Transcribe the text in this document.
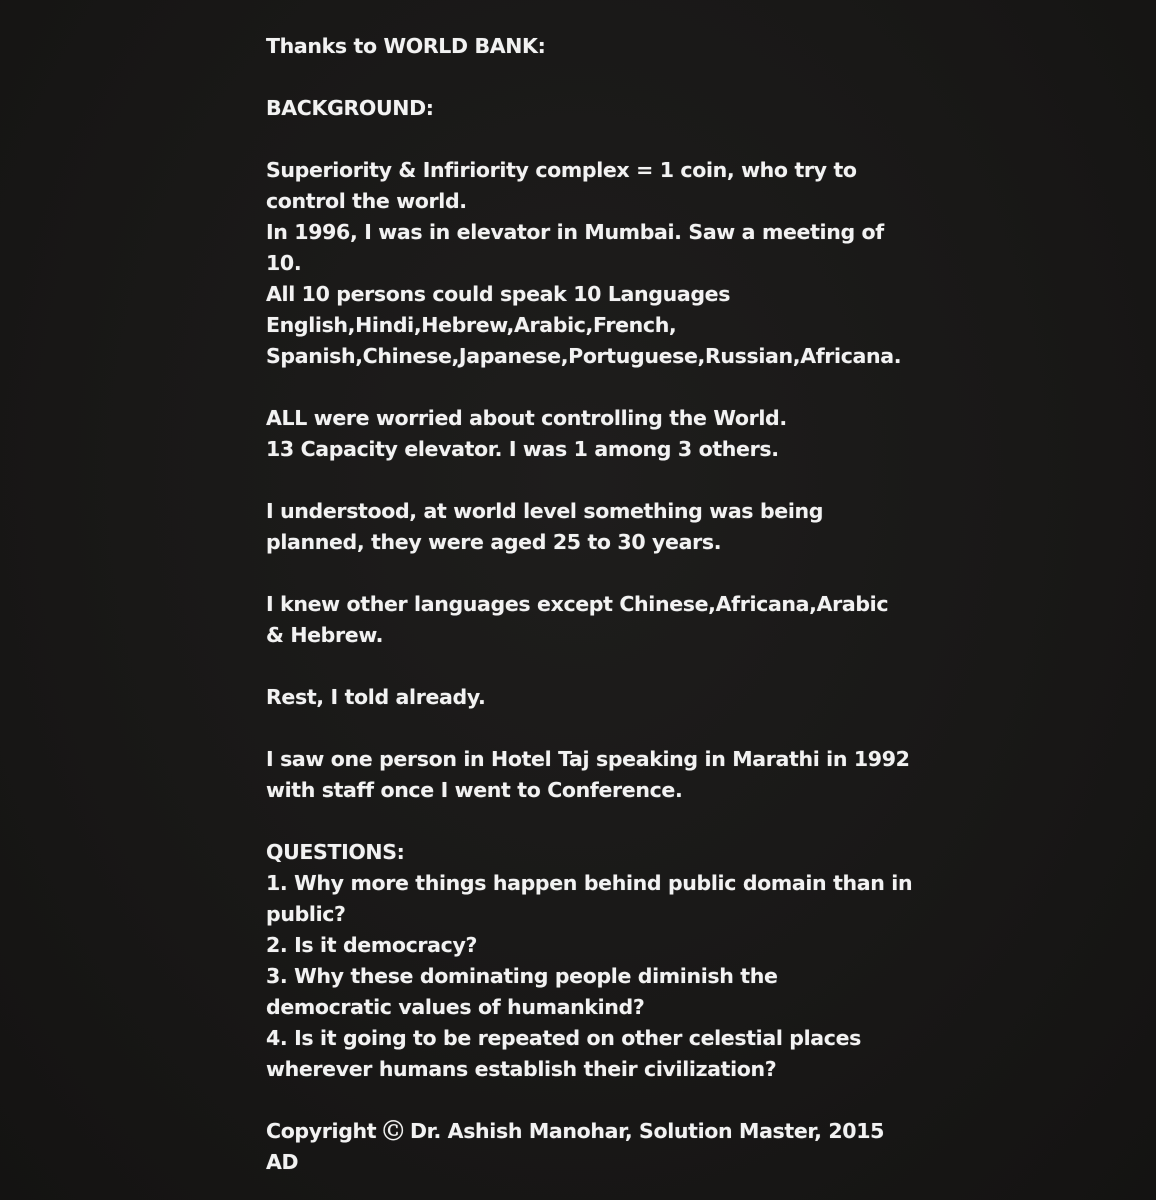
Thanks to WORLD BANK:
BACKGROUND:
Superiority & Infiriority complex = 1 coin, who try to
control the world.
In 1996, I was in elevator in Mumbai. Saw a meeting of
10.
All 10 persons could speak 10 Languages
English,Hindi,Hebrew,Arabic,French,
Spanish,Chinese,Japanese,Portuguese,Russian,Africana.
ALL were worried about controlling the World.
13 Capacity elevator. I was 1 among 3 others.
I understood, at world level something was being
planned, they were aged 25 to 30 years.
I knew other languages except Chinese,Africana,Arabic
& Hebrew.
Rest, I told already.
I saw one person in Hotel Taj speaking in Marathi in 1992
with staff once I went to Conference.
QUESTIONS:
1. Why more things happen behind public domain than in
public?
2. Is it democracy?
3. Why these dominating people diminish the
democratic values of humankind?
4. Is it going to be repeated on other celestial places
wherever humans establish their civilization?
Copyright Ⓒ Dr. Ashish Manohar, Solution Master, 2015
AD
